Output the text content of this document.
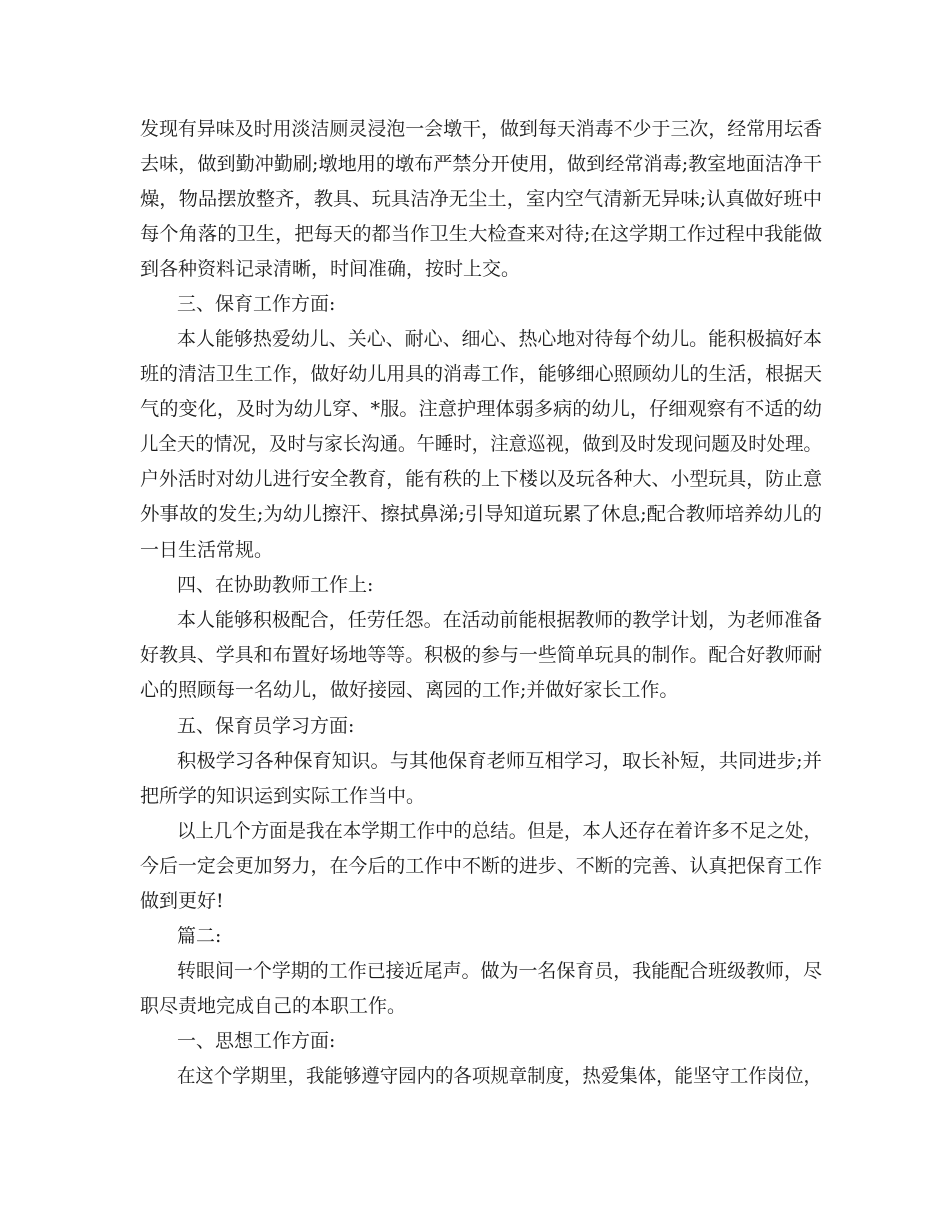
发现有异味及时用淡洁厕灵浸泡一会墩干，做到每天消毒不少于三次，经常用坛香
去味，做到勤冲勤刷;墩地用的墩布严禁分开使用，做到经常消毒;教室地面洁净干
燥，物品摆放整齐，教具、玩具洁净无尘土，室内空气清新无异味;认真做好班中
每个角落的卫生，把每天的都当作卫生大检查来对待;在这学期工作过程中我能做
到各种资料记录清晰，时间准确，按时上交。
三、保育工作方面:
本人能够热爱幼儿、关心、耐心、细心、热心地对待每个幼儿。能积极搞好本
班的清洁卫生工作，做好幼儿用具的消毒工作，能够细心照顾幼儿的生活，根据天
气的变化，及时为幼儿穿、*服。注意护理体弱多病的幼儿，仔细观察有不适的幼
儿全天的情况，及时与家长沟通。午睡时，注意巡视，做到及时发现问题及时处理。
户外活时对幼儿进行安全教育，能有秩的上下楼以及玩各种大、小型玩具，防止意
外事故的发生;为幼儿擦汗、擦拭鼻涕;引导知道玩累了休息;配合教师培养幼儿的
一日生活常规。
四、在协助教师工作上:
本人能够积极配合，任劳任怨。在活动前能根据教师的教学计划，为老师准备
好教具、学具和布置好场地等等。积极的参与一些简单玩具的制作。配合好教师耐
心的照顾每一名幼儿，做好接园、离园的工作;并做好家长工作。
五、保育员学习方面:
积极学习各种保育知识。与其他保育老师互相学习，取长补短，共同进步;并
把所学的知识运到实际工作当中。
以上几个方面是我在本学期工作中的总结。但是，本人还存在着许多不足之处，
今后一定会更加努力，在今后的工作中不断的进步、不断的完善、认真把保育工作
做到更好!
篇二:
转眼间一个学期的工作已接近尾声。做为一名保育员，我能配合班级教师，尽
职尽责地完成自己的本职工作。
一、思想工作方面:
在这个学期里，我能够遵守园内的各项规章制度，热爱集体，能坚守工作岗位，
